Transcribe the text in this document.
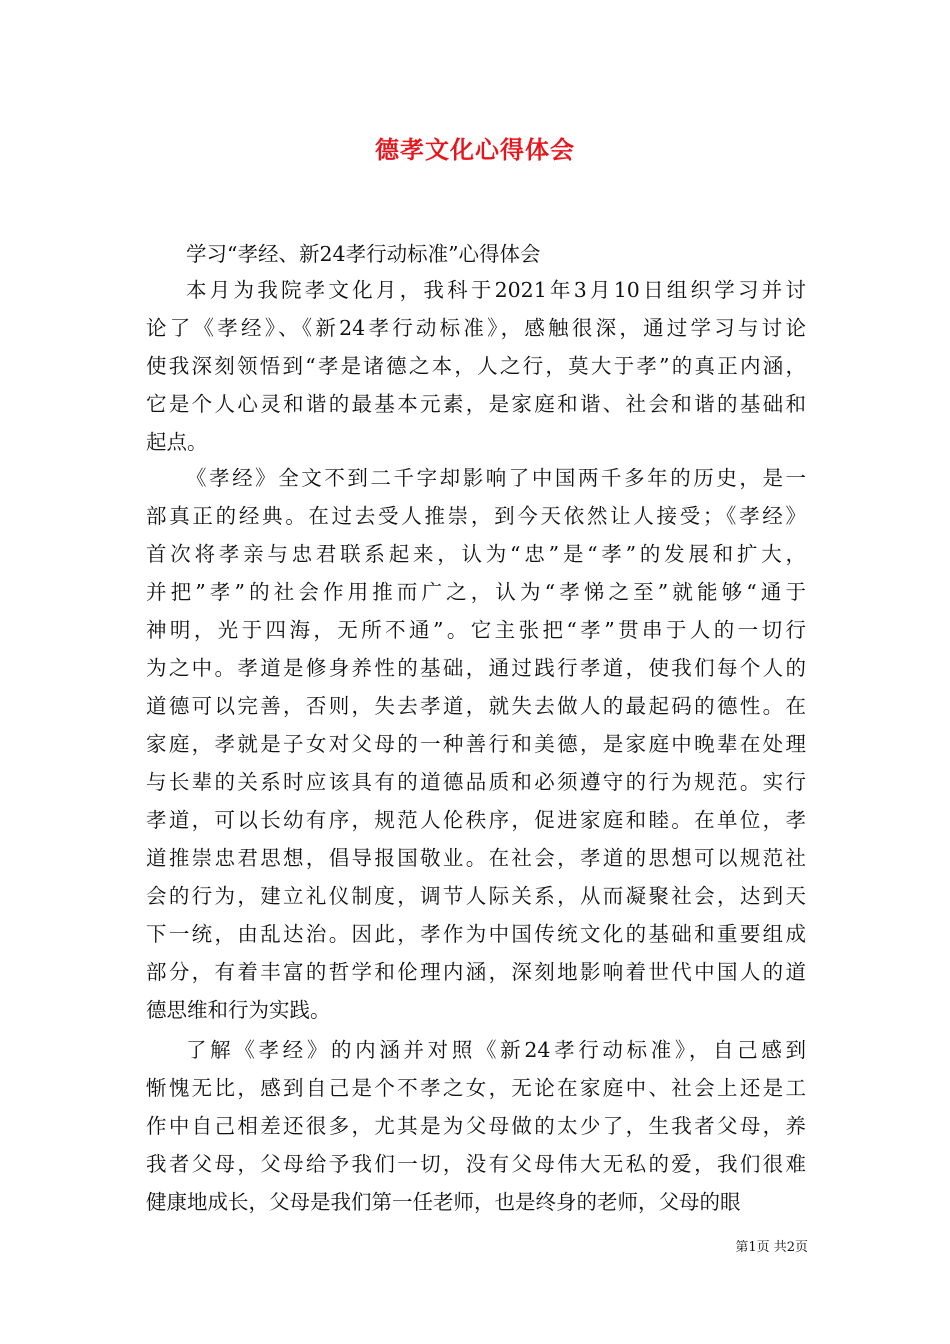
德孝文化心得体会
学习“孝经、新24孝行动标准”心得体会
本月为我院孝文化月，我科于2021年3月10日组织学习并讨
论了《孝经》、《新24孝行动标准》，感触很深，通过学习与讨论
使我深刻领悟到“孝是诸德之本，人之行，莫大于孝”的真正内涵，
它是个人心灵和谐的最基本元素，是家庭和谐、社会和谐的基础和
起点。
《孝经》全文不到二千字却影响了中国两千多年的历史，是一
部真正的经典。在过去受人推崇，到今天依然让人接受；《孝经》
首次将孝亲与忠君联系起来，认为“忠”是“孝”的发展和扩大，
并把”孝”的社会作用推而广之，认为“孝悌之至”就能够“通于
神明，光于四海，无所不通”。它主张把“孝”贯串于人的一切行
为之中。孝道是修身养性的基础，通过践行孝道，使我们每个人的
道德可以完善，否则，失去孝道，就失去做人的最起码的德性。在
家庭，孝就是子女对父母的一种善行和美德，是家庭中晚辈在处理
与长辈的关系时应该具有的道德品质和必须遵守的行为规范。实行
孝道，可以长幼有序，规范人伦秩序，促进家庭和睦。在单位，孝
道推崇忠君思想，倡导报国敬业。在社会，孝道的思想可以规范社
会的行为，建立礼仪制度，调节人际关系，从而凝聚社会，达到天
下一统，由乱达治。因此，孝作为中国传统文化的基础和重要组成
部分，有着丰富的哲学和伦理内涵，深刻地影响着世代中国人的道
德思维和行为实践。
了解《孝经》的内涵并对照《新24孝行动标准》，自己感到
惭愧无比，感到自己是个不孝之女，无论在家庭中、社会上还是工
作中自己相差还很多，尤其是为父母做的太少了，生我者父母，养
我者父母，父母给予我们一切，没有父母伟大无私的爱，我们很难
健康地成长，父母是我们第一任老师，也是终身的老师，父母的眼
第1页 共2页
